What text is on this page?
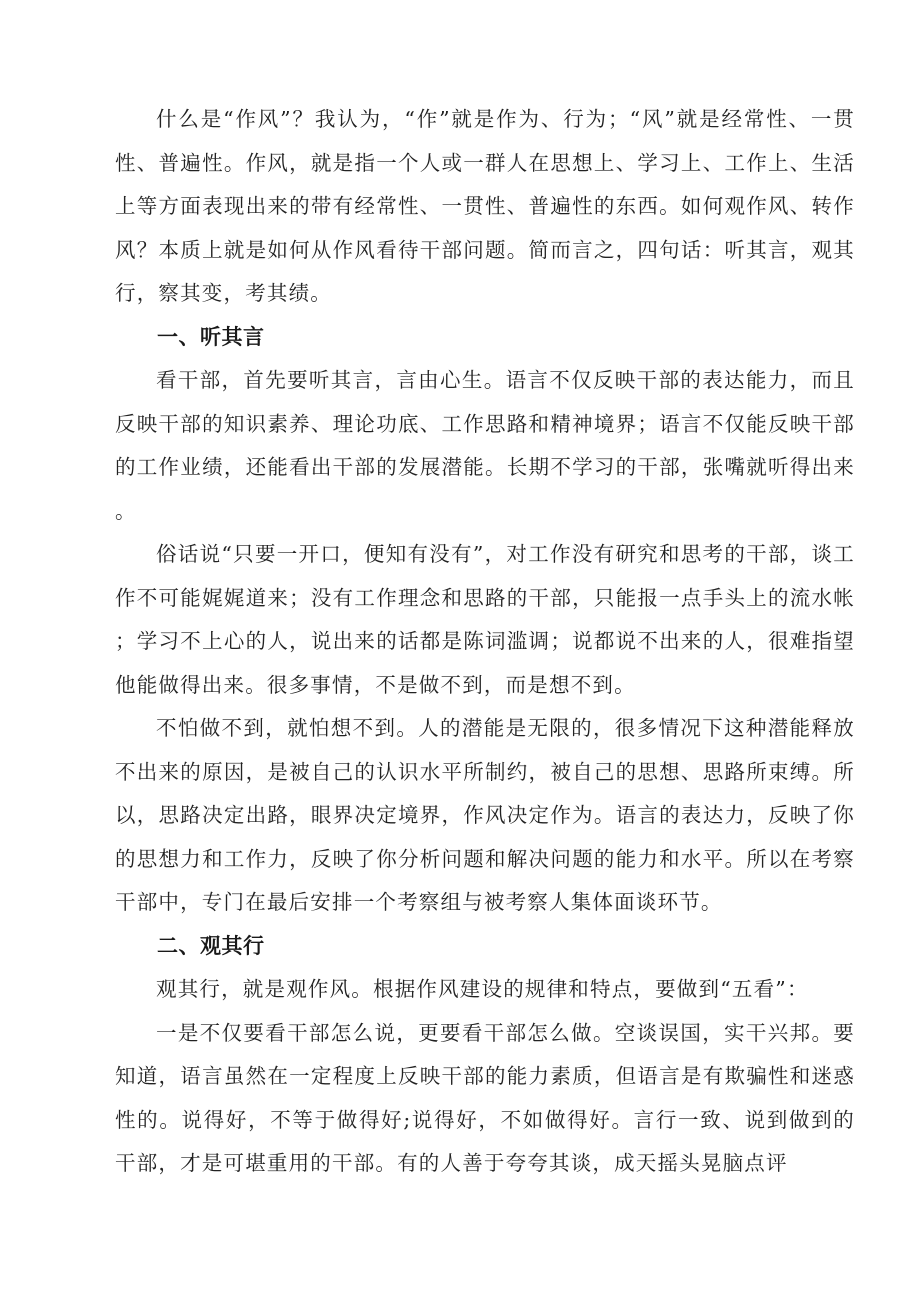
什么是“作风”？我认为，“作”就是作为、行为；“风”就是经常性、一贯性、普遍性。作风，就是指一个人或一群人在思想上、学习上、工作上、生活上等方面表现出来的带有经常性、一贯性、普遍性的东西。如何观作风、转作风？本质上就是如何从作风看待干部问题。简而言之，四句话：听其言，观其行，察其变，考其绩。

一、听其言

看干部，首先要听其言，言由心生。语言不仅反映干部的表达能力，而且反映干部的知识素养、理论功底、工作思路和精神境界；语言不仅能反映干部的工作业绩，还能看出干部的发展潜能。长期不学习的干部，张嘴就听得出来。

俗话说“只要一开口，便知有没有”，对工作没有研究和思考的干部，谈工作不可能娓娓道来；没有工作理念和思路的干部，只能报一点手头上的流水帐；学习不上心的人，说出来的话都是陈词滥调；说都说不出来的人，很难指望他能做得出来。很多事情，不是做不到，而是想不到。

不怕做不到，就怕想不到。人的潜能是无限的，很多情况下这种潜能释放不出来的原因，是被自己的认识水平所制约，被自己的思想、思路所束缚。所以，思路决定出路，眼界决定境界，作风决定作为。语言的表达力，反映了你的思想力和工作力，反映了你分析问题和解决问题的能力和水平。所以在考察干部中，专门在最后安排一个考察组与被考察人集体面谈环节。

二、观其行

观其行，就是观作风。根据作风建设的规律和特点，要做到“五看”：

一是不仅要看干部怎么说，更要看干部怎么做。空谈误国，实干兴邦。要知道，语言虽然在一定程度上反映干部的能力素质，但语言是有欺骗性和迷惑性的。说得好，不等于做得好;说得好，不如做得好。言行一致、说到做到的干部，才是可堪重用的干部。有的人善于夸夸其谈，成天摇头晃脑点评
